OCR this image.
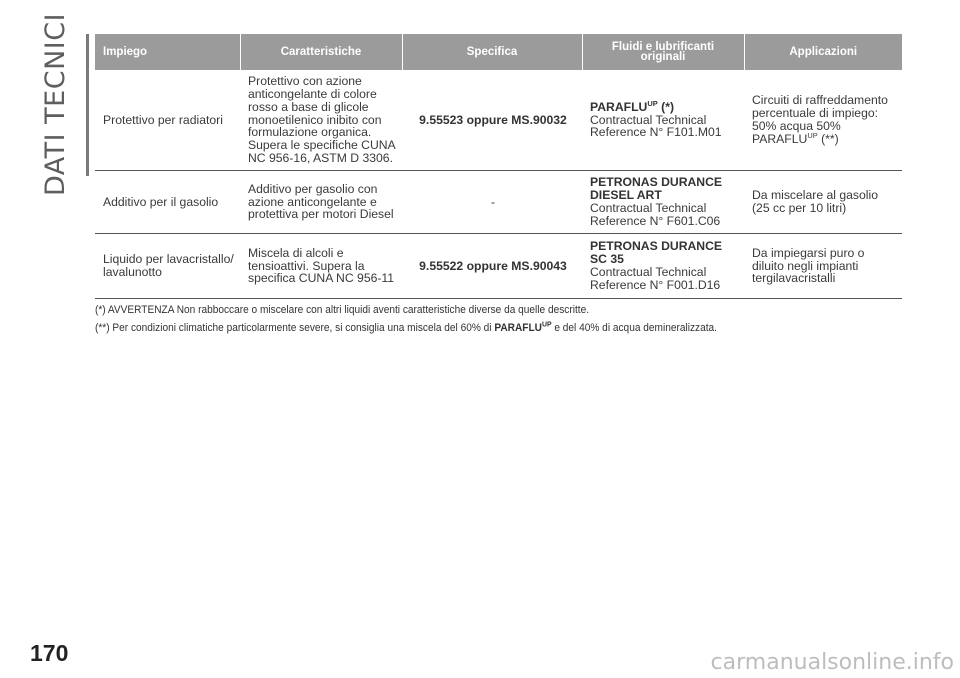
DATI TECNICI	Impiego	Caratteristiche	Specifica	Fluidi e lubrificanti
originali	Applicazioni
Protettivo per radiatori	Protettivo con azione anticongelante di colore rosso a base di glicole monoetilenico inibito con formulazione organica. Supera le specifiche CUNA NC 956-16, ASTM D 3306.	9.55523 oppure MS.90032	$PARAFLU^{UP}$ (*)
Contractual Technical
Reference N° F101.M01	Circuiti di raffreddamento percentuale di impiego: 50% acqua 50%
$PARAFLU^{UP}$ (**)
Additivo per il gasolio	Additivo per gasolio con azione anticongelante e protettiva per motori Diesel	-	PETRONAS DURANCE
DIESEL ART
Contractual Technical
Reference N° F601.C06	Da miscelare al gasolio (25 cc per 10 litri)
Liquido per lavacristallo/ lavalunotto	Miscela di alcoli e tensioattivi. Supera la specifica CUNA NC 956-11	9.55522 oppure MS.90043	PETRONAS DURANCE
SC 35
Contractual Technical
Reference N° F001.D16	Da impiegarsi puro o diluito negli impianti tergilavacristalli

(*) AVVERTENZA Non rabboccare o miscelare con altri liquidi aventi caratteristiche diverse da quelle descritte.

(**) Per condizioni climatiche particolarmente severe, si consiglia una miscela del 60% di $PARAFLU^{UP}$ e del 40% di acqua demineralizzata.

170	carmanualsonline.info
